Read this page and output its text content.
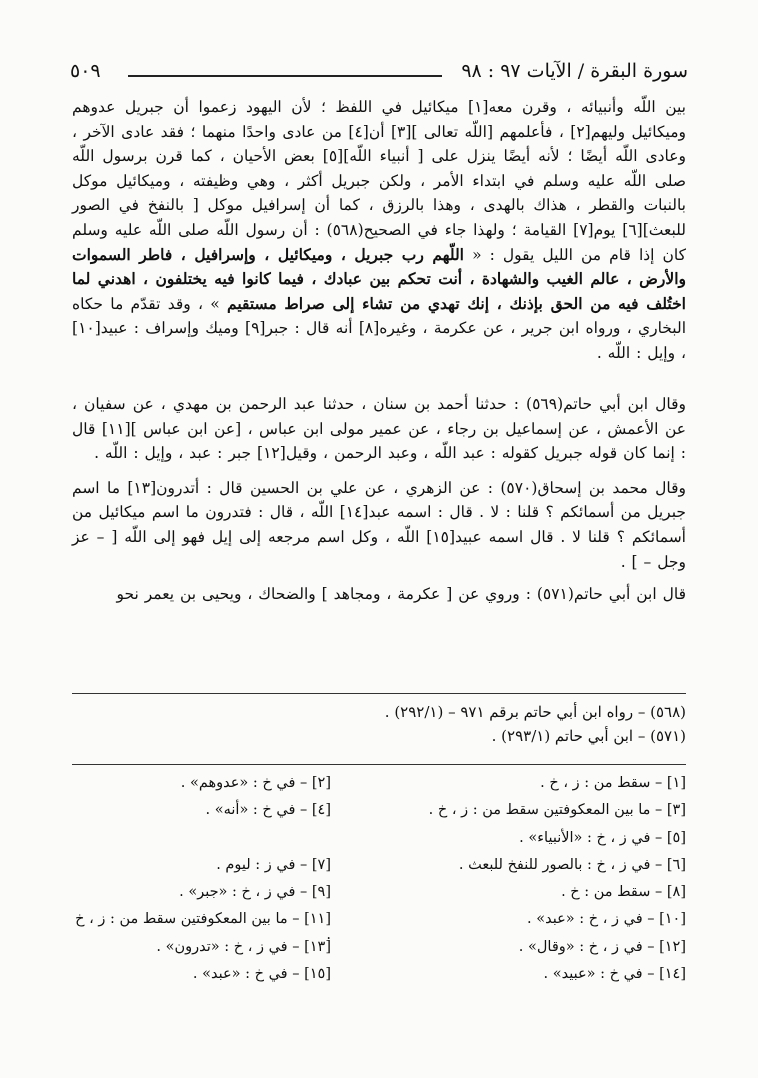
سورة البقرة / الآيات ٩٧ : ٩٨
٥٠٩

بين اللّه وأنبيائه ، وقرن معه[١] ميكائيل في اللفظ ؛ لأن اليهود زعموا أن جبريل عدوهم وميكائيل وليهم[٢] ، فأعلمهم [اللّه تعالى ][٣] أن[٤] من عادى واحدًا منهما ؛ فقد عادى الآخر ، وعادى اللّه أيضًا ؛ لأنه أيضًا ينزل على [ أنبياء اللّه][٥] بعض الأحيان ، كما قرن برسول اللّه صلى اللّه عليه وسلم في ابتداء الأمر ، ولكن جبريل أكثر ، وهي وظيفته ، وميكائيل موكل بالنبات والقطر ، هذاك بالهدى ، وهذا بالرزق ، كما أن إسرافيل موكل [ بالنفخ في الصور للبعث][٦] يوم[٧] القيامة ؛ ولهذا جاء في الصحيح(٥٦٨) : أن رسول اللّه صلى اللّه عليه وسلم كان إذا قام من الليل يقول : « اللّهم رب جبريل ، وميكائيل ، وإسرافيل ، فاطر السموات والأرض ، عالم الغيب والشهادة ، أنت تحكم بين عبادك ، فيما كانوا فيه يختلفون ، اهدني لما اختُلف فيه من الحق بإذنك ، إنك تهدي من تشاء إلى صراط مستقيم » ، وقد تقدّم ما حكاه البخاري ، ورواه ابن جرير ، عن عكرمة ، وغيره[٨] أنه قال : جبر[٩] وميك وإسراف : عبيد[١٠] ، وإيل : اللّه .

وقال ابن أبي حاتم(٥٦٩) : حدثنا أحمد بن سنان ، حدثنا عبد الرحمن بن مهدي ، عن سفيان ، عن الأعمش ، عن إسماعيل بن رجاء ، عن عمير مولى ابن عباس ، [عن ابن عباس ][١١] قال : إنما كان قوله جبريل كقوله : عبد اللّه ، وعبد الرحمن ، وقيل[١٢] جبر : عبد ، وإيل : اللّه .

وقال محمد بن إسحاق(٥٧٠) : عن الزهري ، عن علي بن الحسين قال : أتدرون[١٣] ما اسم جبريل من أسمائكم ؟ قلنا : لا . قال : اسمه عبد[١٤] اللّه ، قال : فتدرون ما اسم ميكائيل من أسمائكم ؟ قلنا لا . قال اسمه عبيد[١٥] اللّه ، وكل اسم مرجعه إلى إيل فهو إلى اللّه [ – عز وجل – ] .

قال ابن أبي حاتم(٥٧١) : وروي عن [ عكرمة ، ومجاهد ] والضحاك ، ويحيى بن يعمر نحو

(٥٦٨) – رواه ابن أبي حاتم برقم ٩٧١ – (٢٩٢/١) .
(٥٧١) – ابن أبي حاتم (٢٩٣/١) .
[١] – سقط من : ز ، خ .
[٢] – في خ : «عدوهم» .
[٣] – ما بين المعكوفتين سقط من : ز ، خ .
[٤] – في خ : «أنه» .
[٥] – في ز ، خ : «الأنبياء» .
[٦] – في ز ، خ : بالصور للنفخ للبعث .
[٧] – في ز : ليوم .
[٨] – سقط من : خ .
[٩] – في ز ، خ : «جبر» .
[١٠] – في ز ، خ : «عبد» .
[١١] – ما بين المعكوفتين سقط من : ز ، خ .
[١٢] – في ز ، خ : «وقال» .
[١٣] – في ز ، خ : «تدرون» .
[١٤] – في خ : «عبيد» .
[١٥] – في خ : «عبد» .
